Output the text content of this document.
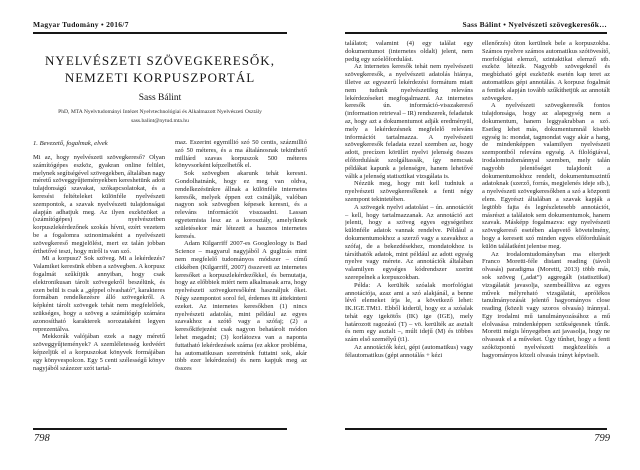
Magyar Tudomány • 2016/7
NYELVÉSZETI SZÖVEGKERESŐK,
NEMZETI KORPUSZPORTÁL
Sass Bálint
PhD, MTA Nyelvtudományi Intézet Nyelvtechnológiai és Alkalmazott Nyelvészeti Osztály
sass.balint@nytud.mta.hu
1. Bevezető, fogalmak, elvek

Mi az, hogy nyelvészeti szövegkereső? Olyan számítógépes eszköz, gyakran online felület, melynek segítségével szövegekben, általában nagy méretű szöveggyűjteményekben kereshetünk adott tulajdonságú szavakat, szókapcsolatokat, és a keresési feltételeket különféle nyelvészeti szempontok, a szavak nyelvészeti tulajdonságai alapján adhatjuk meg. Az ilyen eszközöket a (számítógépes) nyelvészetben korpuszlekérdezőnek szokás hívni, ezért vezetem be a fogalomra szinonimaként a nyelvészeti szövegkereső megjelölést, mert ez talán jobban érthetővé teszi, hogy miről is van szó.

Mi a korpusz? Sok szöveg. Mi a lekérdezés? Valamiket keresünk ebben a szövegben. A korpusz fogalmát szűkítjük annyiban, hogy csak elektronikusan tárolt szövegekről beszélünk, és ezen belül is csak a „géppel olvasható”, karakteres formában rendelkezésre álló szövegekről. A képként tárolt szövegek tehát nem megfelelőek, szükséges, hogy a szöveg a számítógép számára azonosítható karakterek sorozataként legyen reprezentálva.

Mekkorák valójában ezek a nagy méretű szöveggyűjtemények? A szemléletesség kedvéért képzeljük el a korpuszokat könyvek formájában egy könyvespolcon. Egy 5 centi szélességű könyv nagyjából százezer szót tartal-

maz. Eszerint egymillió szó 50 centis, százmillió szó 50 méteres, és a ma általánosnak tekinthető milliárd szavas korpuszok 500 méteres könyvsorként képzelhetők el.

Sok szövegben akarunk tehát keresni. Gondolhatnánk, hogy ez meg van oldva, rendelkezésünkre állnak a különféle internetes keresők, melyek éppen ezt csinálják, valóban nagyon sok szövegben képesek keresni, és a releváns információt visszaadni. Lassan egyetemista lesz az a korosztály, amelyiknek születésekor már létezett a hasznos internetes keresés.

Adam Kilgarriff 2007-es Googleology is Bad Science – magyarul nagyjából A guglizás mint nem megfelelő tudományos módszer – című cikkében (Kilgarriff, 2007) összeveti az internetes keresőket a korpuszlekérdezőkkel, és bemutatja, hogy az előbbiek miért nem alkalmasak arra, hogy nyelvészeti szövegkeresőként használjuk őket. Négy szempontot sorol fel, érdemes itt áttekinteni ezeket. Az internetes keresőkben (1) nincs nyelvészeti adatolás, mint például az egyes szavakhoz a szótő vagy a szófaj; (2) a keresőkifejezést csak nagyon behatárolt módon lehet megadni; (3) korlátozva van a naponta futtatható lekérdezések száma (ez akkor probléma, ha automatikusan szeretnénk futtatni sok, akár több ezer lekérdezést) és nem kapjuk meg az összes

798
Sass Bálint • Nyelvészeti szövegkeresők…

találatot; valamint (4) egy találat egy dokumentumot (internetes oldalt) jelent, nem pedig egy szóelőfordulást.

Az internetes keresők tehát nem nyelvészeti szövegkeresők, a nyelvészeti adatolás hiánya, illetve az egyszerű lekérdezési formátum miatt nem tudunk nyelvészetileg releváns lekérdezéseket megfogalmazni. Az internetes keresők ún. információ-visszakereső (information retrieval – IR) rendszerek, feladatuk az, hogy azt a dokumentumot adják eredményül, mely a lekérdezésnek megfelelő releváns információt tartalmazza. A nyelvészeti szövegkeresők feladata ezzel szemben az, hogy adott, precízen körülírt nyelvi jelenség összes előfordulását szolgáltassák, így nemcsak példákat kapunk a jelenségre, hanem lehetővé válik a jelenség statisztikai vizsgálata is.

Nézzük meg, hogy mit kell tudniuk a nyelvészeti szövegkeresőknek a fenti négy szempont tekintetében.

A szövegek nyelvi adatolást – ún. annotációt – kell, hogy tartalmazzanak. Az annotáció azt jelenti, hogy a szöveg egyes egységeihez különféle adatok vannak rendelve. Például a dokumentumokhoz a szerző vagy a szavakhoz a szófaj, de a bekezdésekhez, mondatokhoz is társíthatók adatok, mint például az adott egység nyelve vagy mérete. Az annotációk általában valamilyen egységes kódrendszer szerint szerepelnek a korpuszokban.

Példa: A kerülték szóalak morfológiai annotációja, azaz ami a szó alakjánál, a benne lévő elemeket írja le, a következő lehet: IK.IGE.TMt1. Ebből kiderül, hogy ez a szóalak tehát egy igekötős (IK) ige (IGE), mely határozott ragozású (T) – vö. kerülték az asztalt és nem egy asztalt –, múlt idejű (M) és többes szám első személyű (t1).

Az annotációk kézi, gépi (automatikus) vagy félautomatikus (gépi annotálás + kézi

ellenőrzés) úton kerülnek bele a korpuszokba. Számos nyelvre számos automatikus szótövesítő, morfológiai elemző, szintaktikai elemző stb. eszköz létezik. Nagyobb szövegeknél és megbízható gépi eszközök esetén kap teret az automatikus gépi annotálás. A korpusz fogalmát a fentiek alapján tovább szűkíthetjük az annotált szövegekre.

A nyelvészeti szövegkeresők fontos tulajdonsága, hogy az alapegység nem a dokumentum, hanem leggyakrabban a szó. Esetleg lehet más, dokumentumnál kisebb egység is: mondat, tagmondat vagy akár a hang, de mindenképpen valamilyen nyelvészeti szempontból releváns egység. A filológiával, irodalomtudománnyal szemben, mely talán nagyobb jelentőséget tulajdonít a dokumentumokhoz rendelt, dokumentumszintű adatoknak (szerző, forrás, megjelenés ideje stb.), a nyelvészeti szövegkeresőkben a szó a központi elem. Egyrészt általában a szavak kapják a legtöbb fajta és legrészletesebb annotációt, másrészt a találatok sem dokumentumok, hanem szavak. Másképp fogalmazva: egy nyelvészeti szövegkereső esetében alapvető követelmény, hogy a keresett szó minden egyes előfordulását külön találatként jelentse meg.

Az irodalomtudományban ma elterjedt Franco Moretti-féle distant reading (távoli olvasás) paradigma (Moretti, 2013) több más, sok szöveg („adat”) aggregált (statisztikai) vizsgálatát javasolja, szembeállítva az egyes művek mélyreható vizsgálatát, aprólékos tanulmányozását jelentő hagyományos close reading (közeli vagy szoros olvasás) iránnyal. Egy irodalmi mű tanulmányozásához a mű elolvasása mindenképpen szükségesnek tűnik. Moretti mégis lényegében azt javasolja, hogy ne olvassuk el a műveket. Úgy tűnhet, hogy a fenti szóközpontú nyelvészeti megközelítés a hagyományos közeli olvasás irányt képviseli.

799
